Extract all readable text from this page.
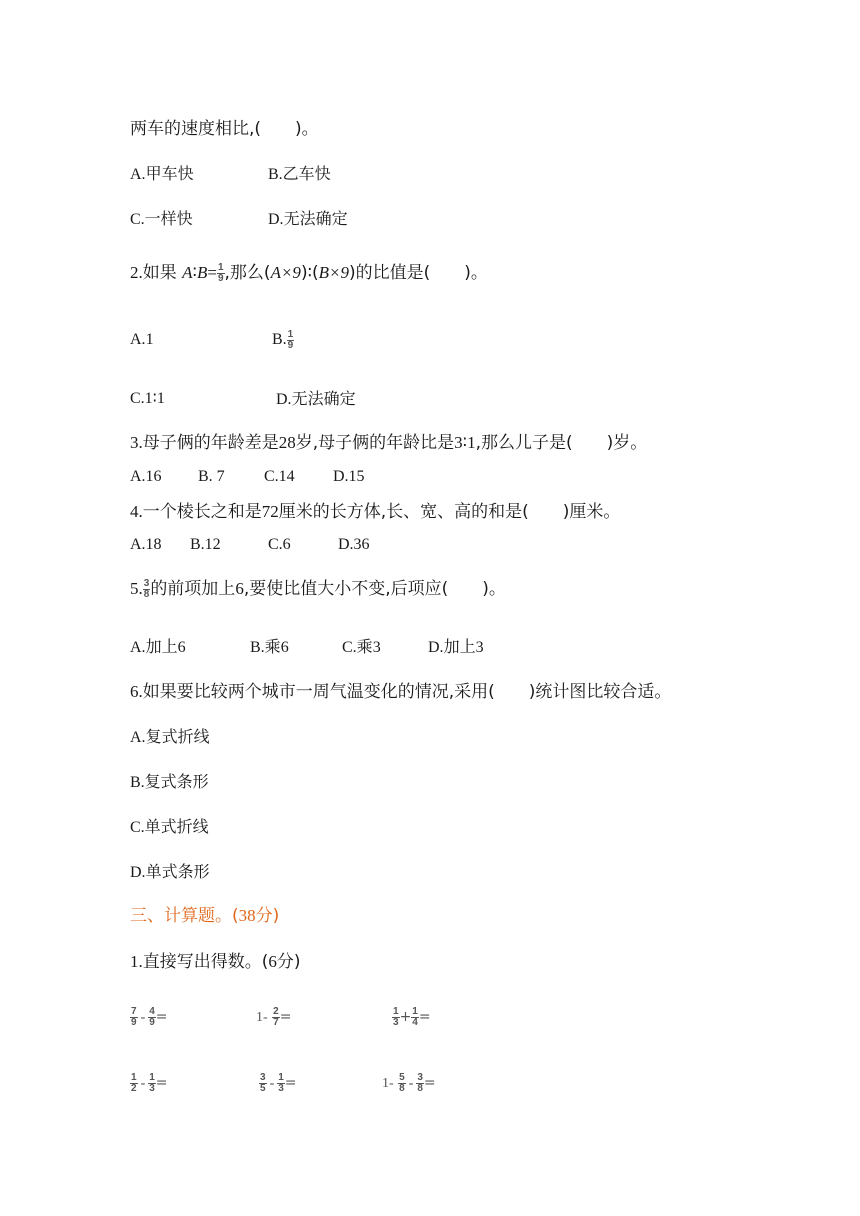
两车的速度相比,(　　)。
A.甲车快	B.乙车快
C.一样快	D.无法确定
2.如果 A∶B= $\frac{1}{9}$ ,那么(A×9)∶(B×9)的比值是(　　)。
A.1	B. $\frac{1}{9}$
C.1∶1	D.无法确定
3.母子俩的年龄差是28岁,母子俩的年龄比是3∶1,那么儿子是(　　)岁。
A.16 B. 7 C.14 D.15
4.一个棱长之和是72厘米的长方体,长、宽、高的和是(　　)厘米。
A.18 B.12	C.6	D.36
5. $\frac{3}{8}$ 的前项加上6,要使比值大小不变,后项应(　　)。
A.加上6	B.乘6	C.乘3	D.加上3
6.如果要比较两个城市一周气温变化的情况,采用(　　)统计图比较合适。
A.复式折线
B.复式条形
C.单式折线
D.单式条形
三、计算题。(38分)
1.直接写出得数。(6分)
$\frac{7}{9} - \frac{4}{9}$ =	$1- \frac{2}{7}$ =	$\frac{1}{3} + \frac{1}{4}$ =
$\frac{1}{2} - \frac{1}{3}$ =	$\frac{3}{5} - \frac{1}{3}$ =	$1- \frac{5}{8} - \frac{3}{8}$ =
